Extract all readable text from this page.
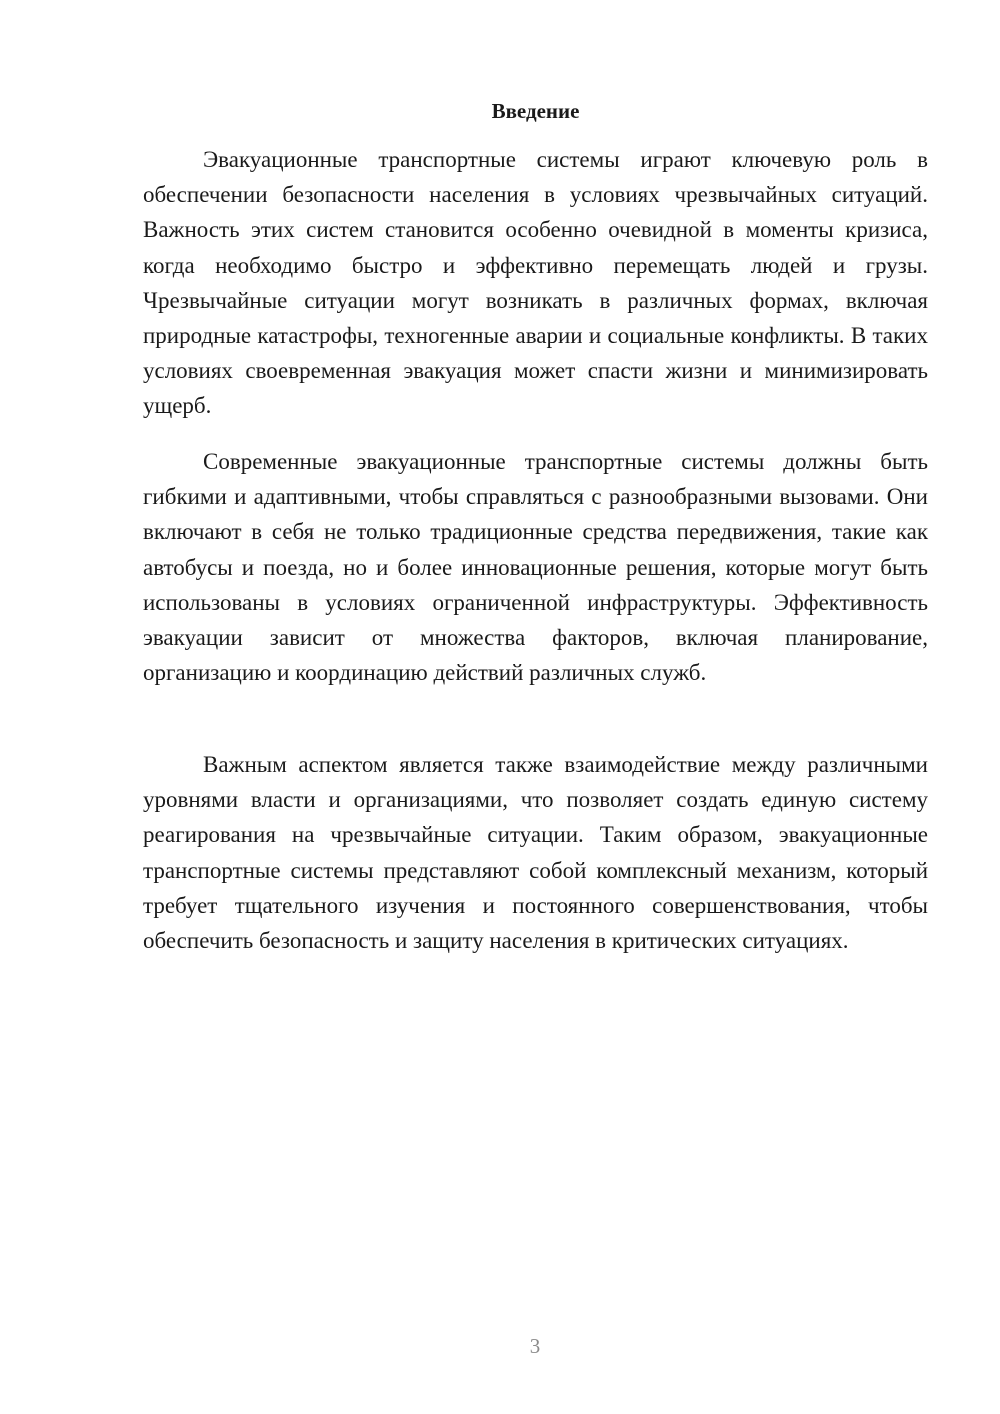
Введение

Эвакуационные транспортные системы играют ключевую роль в обеспечении безопасности населения в условиях чрезвычайных ситуаций. Важность этих систем становится особенно очевидной в моменты кризиса, когда необходимо быстро и эффективно перемещать людей и грузы. Чрезвычайные ситуации могут возникать в различных формах, включая природные катастрофы, техногенные аварии и социальные конфликты. В таких условиях своевременная эвакуация может спасти жизни и минимизировать ущерб.

Современные эвакуационные транспортные системы должны быть гибкими и адаптивными, чтобы справляться с разнообразными вызовами. Они включают в себя не только традиционные средства передвижения, такие как автобусы и поезда, но и более инновационные решения, которые могут быть использованы в условиях ограниченной инфраструктуры. Эффективность эвакуации зависит от множества факторов, включая планирование, организацию и координацию действий различных служб.

Важным аспектом является также взаимодействие между различными уровнями власти и организациями, что позволяет создать единую систему реагирования на чрезвычайные ситуации. Таким образом, эвакуационные транспортные системы представляют собой комплексный механизм, который требует тщательного изучения и постоянного совершенствования, чтобы обеспечить безопасность и защиту населения в критических ситуациях.

3
